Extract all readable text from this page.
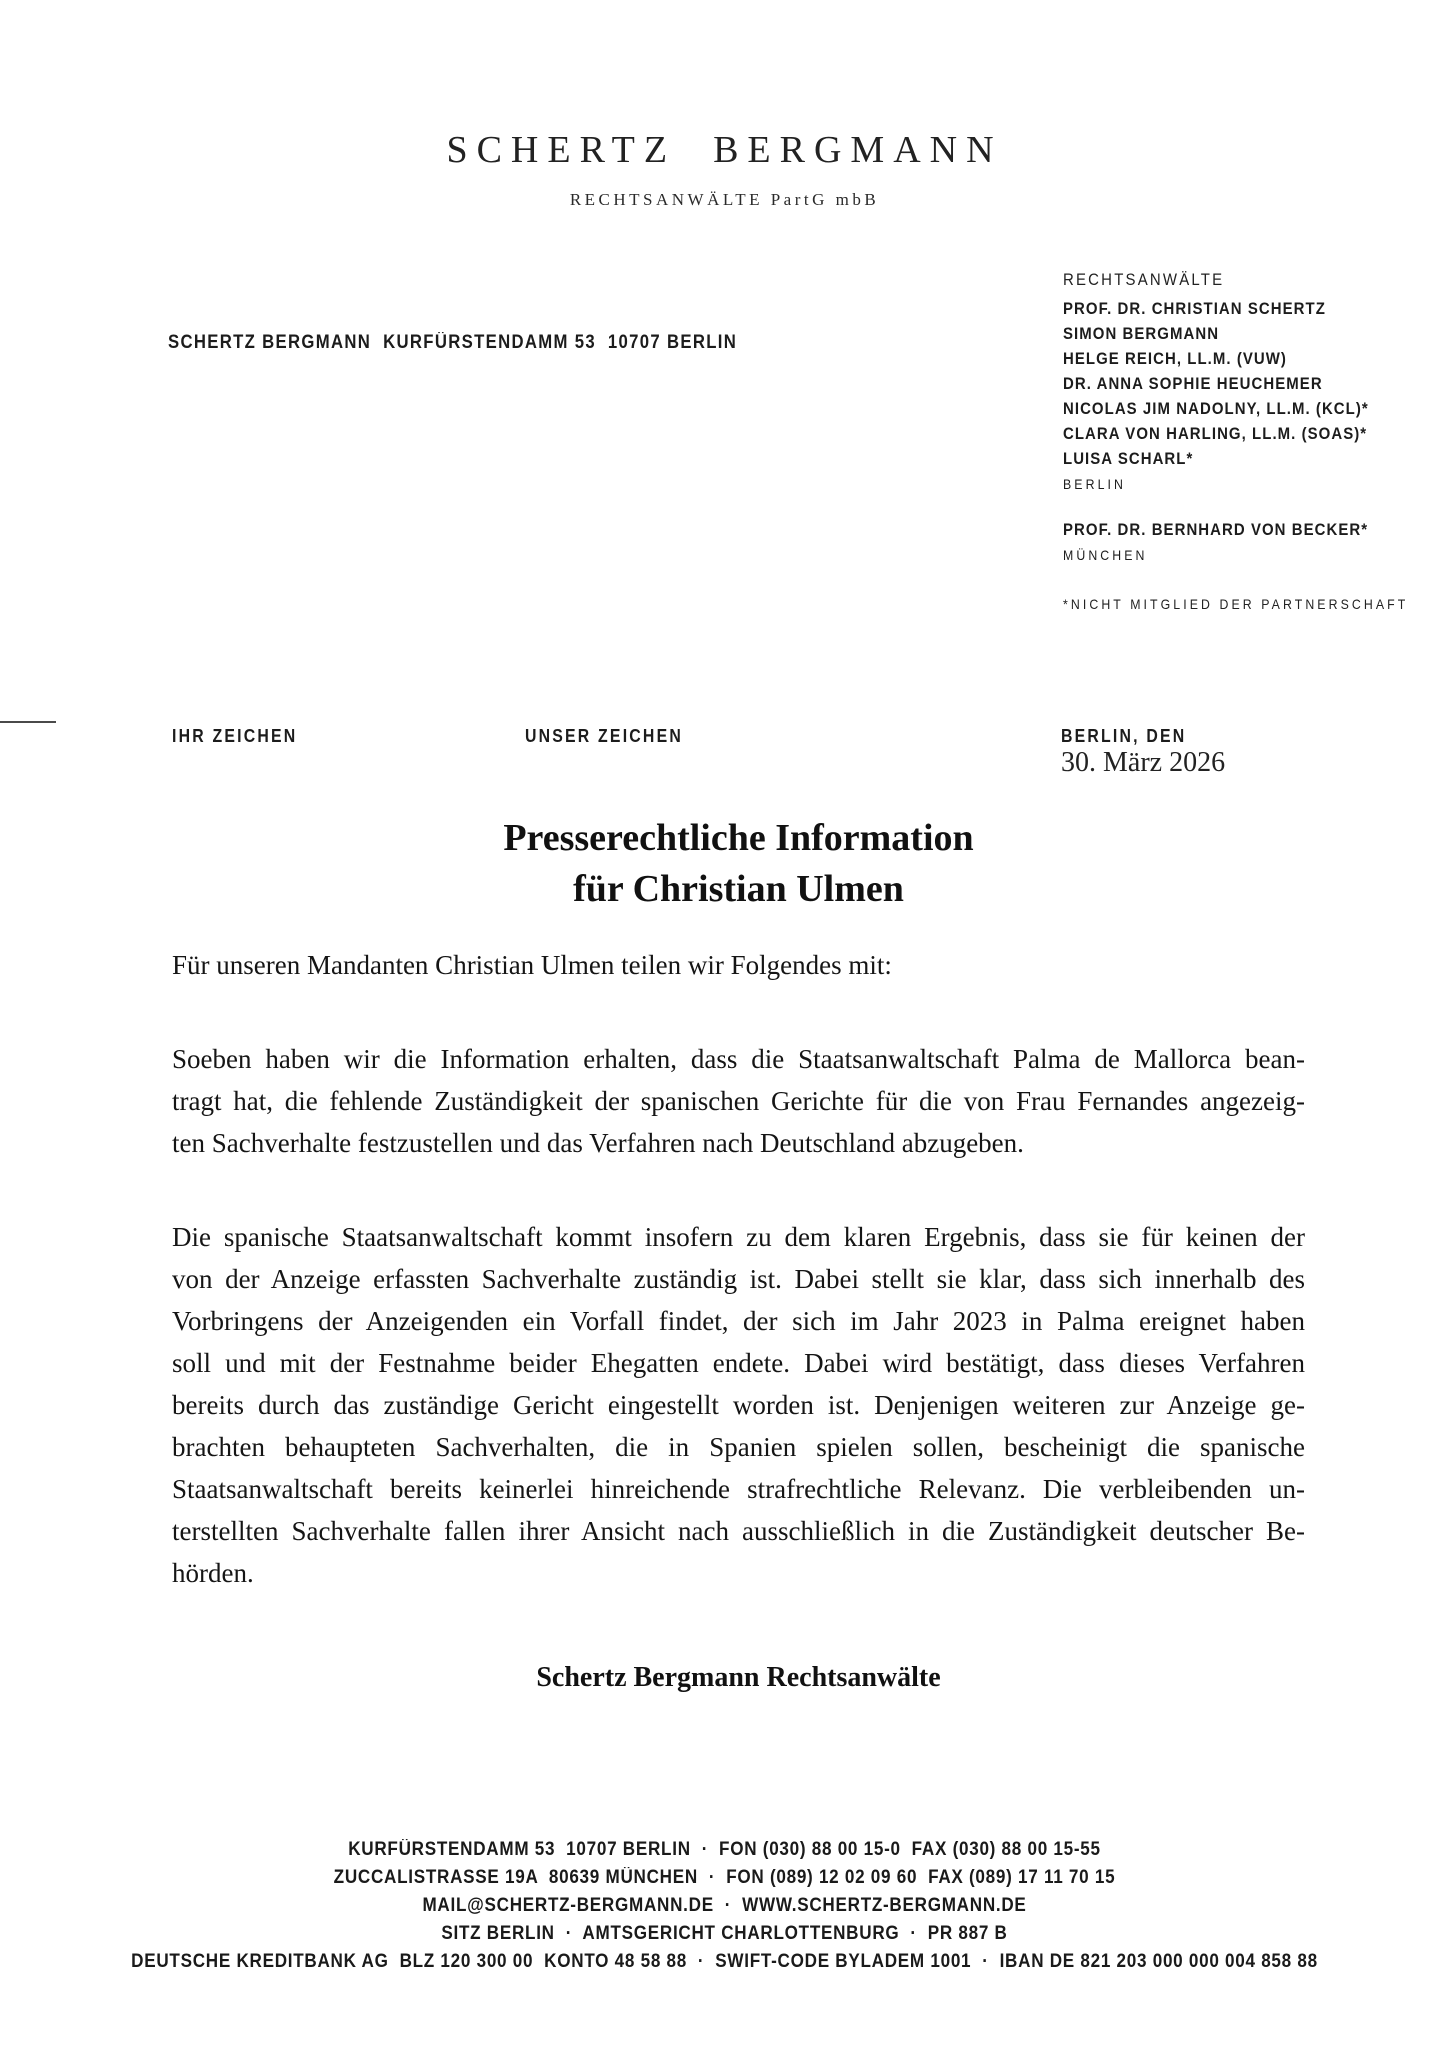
SCHERTZ  BERGMANN
RECHTSANWÄLTE PartG mbB
SCHERTZ BERGMANN  KURFÜRSTENDAMM 53  10707 BERLIN
RECHTSANWÄLTE
PROF. DR. CHRISTIAN SCHERTZ
SIMON BERGMANN
HELGE REICH, LL.M. (VUW)
DR. ANNA SOPHIE HEUCHEMER
NICOLAS JIM NADOLNY, LL.M. (KCL)*
CLARA VON HARLING, LL.M. (SOAS)*
LUISA SCHARL*
BERLIN
PROF. DR. BERNHARD VON BECKER*
MÜNCHEN
*NICHT MITGLIED DER PARTNERSCHAFT
IHR ZEICHEN	UNSER ZEICHEN	BERLIN, DEN
30. März 2026
Presserechtliche Information
für Christian Ulmen
Für unseren Mandanten Christian Ulmen teilen wir Folgendes mit:
Soeben haben wir die Information erhalten, dass die Staatsanwaltschaft Palma de Mallorca bean-
tragt hat, die fehlende Zuständigkeit der spanischen Gerichte für die von Frau Fernandes angezeig-
ten Sachverhalte festzustellen und das Verfahren nach Deutschland abzugeben.
Die spanische Staatsanwaltschaft kommt insofern zu dem klaren Ergebnis, dass sie für keinen der
von der Anzeige erfassten Sachverhalte zuständig ist. Dabei stellt sie klar, dass sich innerhalb des
Vorbringens der Anzeigenden ein Vorfall findet, der sich im Jahr 2023 in Palma ereignet haben
soll und mit der Festnahme beider Ehegatten endete. Dabei wird bestätigt, dass dieses Verfahren
bereits durch das zuständige Gericht eingestellt worden ist. Denjenigen weiteren zur Anzeige ge-
brachten behaupteten Sachverhalten, die in Spanien spielen sollen, bescheinigt die spanische
Staatsanwaltschaft bereits keinerlei hinreichende strafrechtliche Relevanz. Die verbleibenden un-
terstellten Sachverhalte fallen ihrer Ansicht nach ausschließlich in die Zuständigkeit deutscher Be-
hörden.
Schertz Bergmann Rechtsanwälte
KURFÜRSTENDAMM 53  10707 BERLIN  ·  FON (030) 88 00 15-0  FAX (030) 88 00 15-55
ZUCCALISTRASSE 19A  80639 MÜNCHEN  ·  FON (089) 12 02 09 60  FAX (089) 17 11 70 15
MAIL@SCHERTZ-BERGMANN.DE  ·  WWW.SCHERTZ-BERGMANN.DE
SITZ BERLIN  ·  AMTSGERICHT CHARLOTTENBURG  ·  PR 887 B
DEUTSCHE KREDITBANK AG  BLZ 120 300 00  KONTO 48 58 88  ·  SWIFT-CODE BYLADEM 1001  ·  IBAN DE 821 203 000 000 004 858 88
